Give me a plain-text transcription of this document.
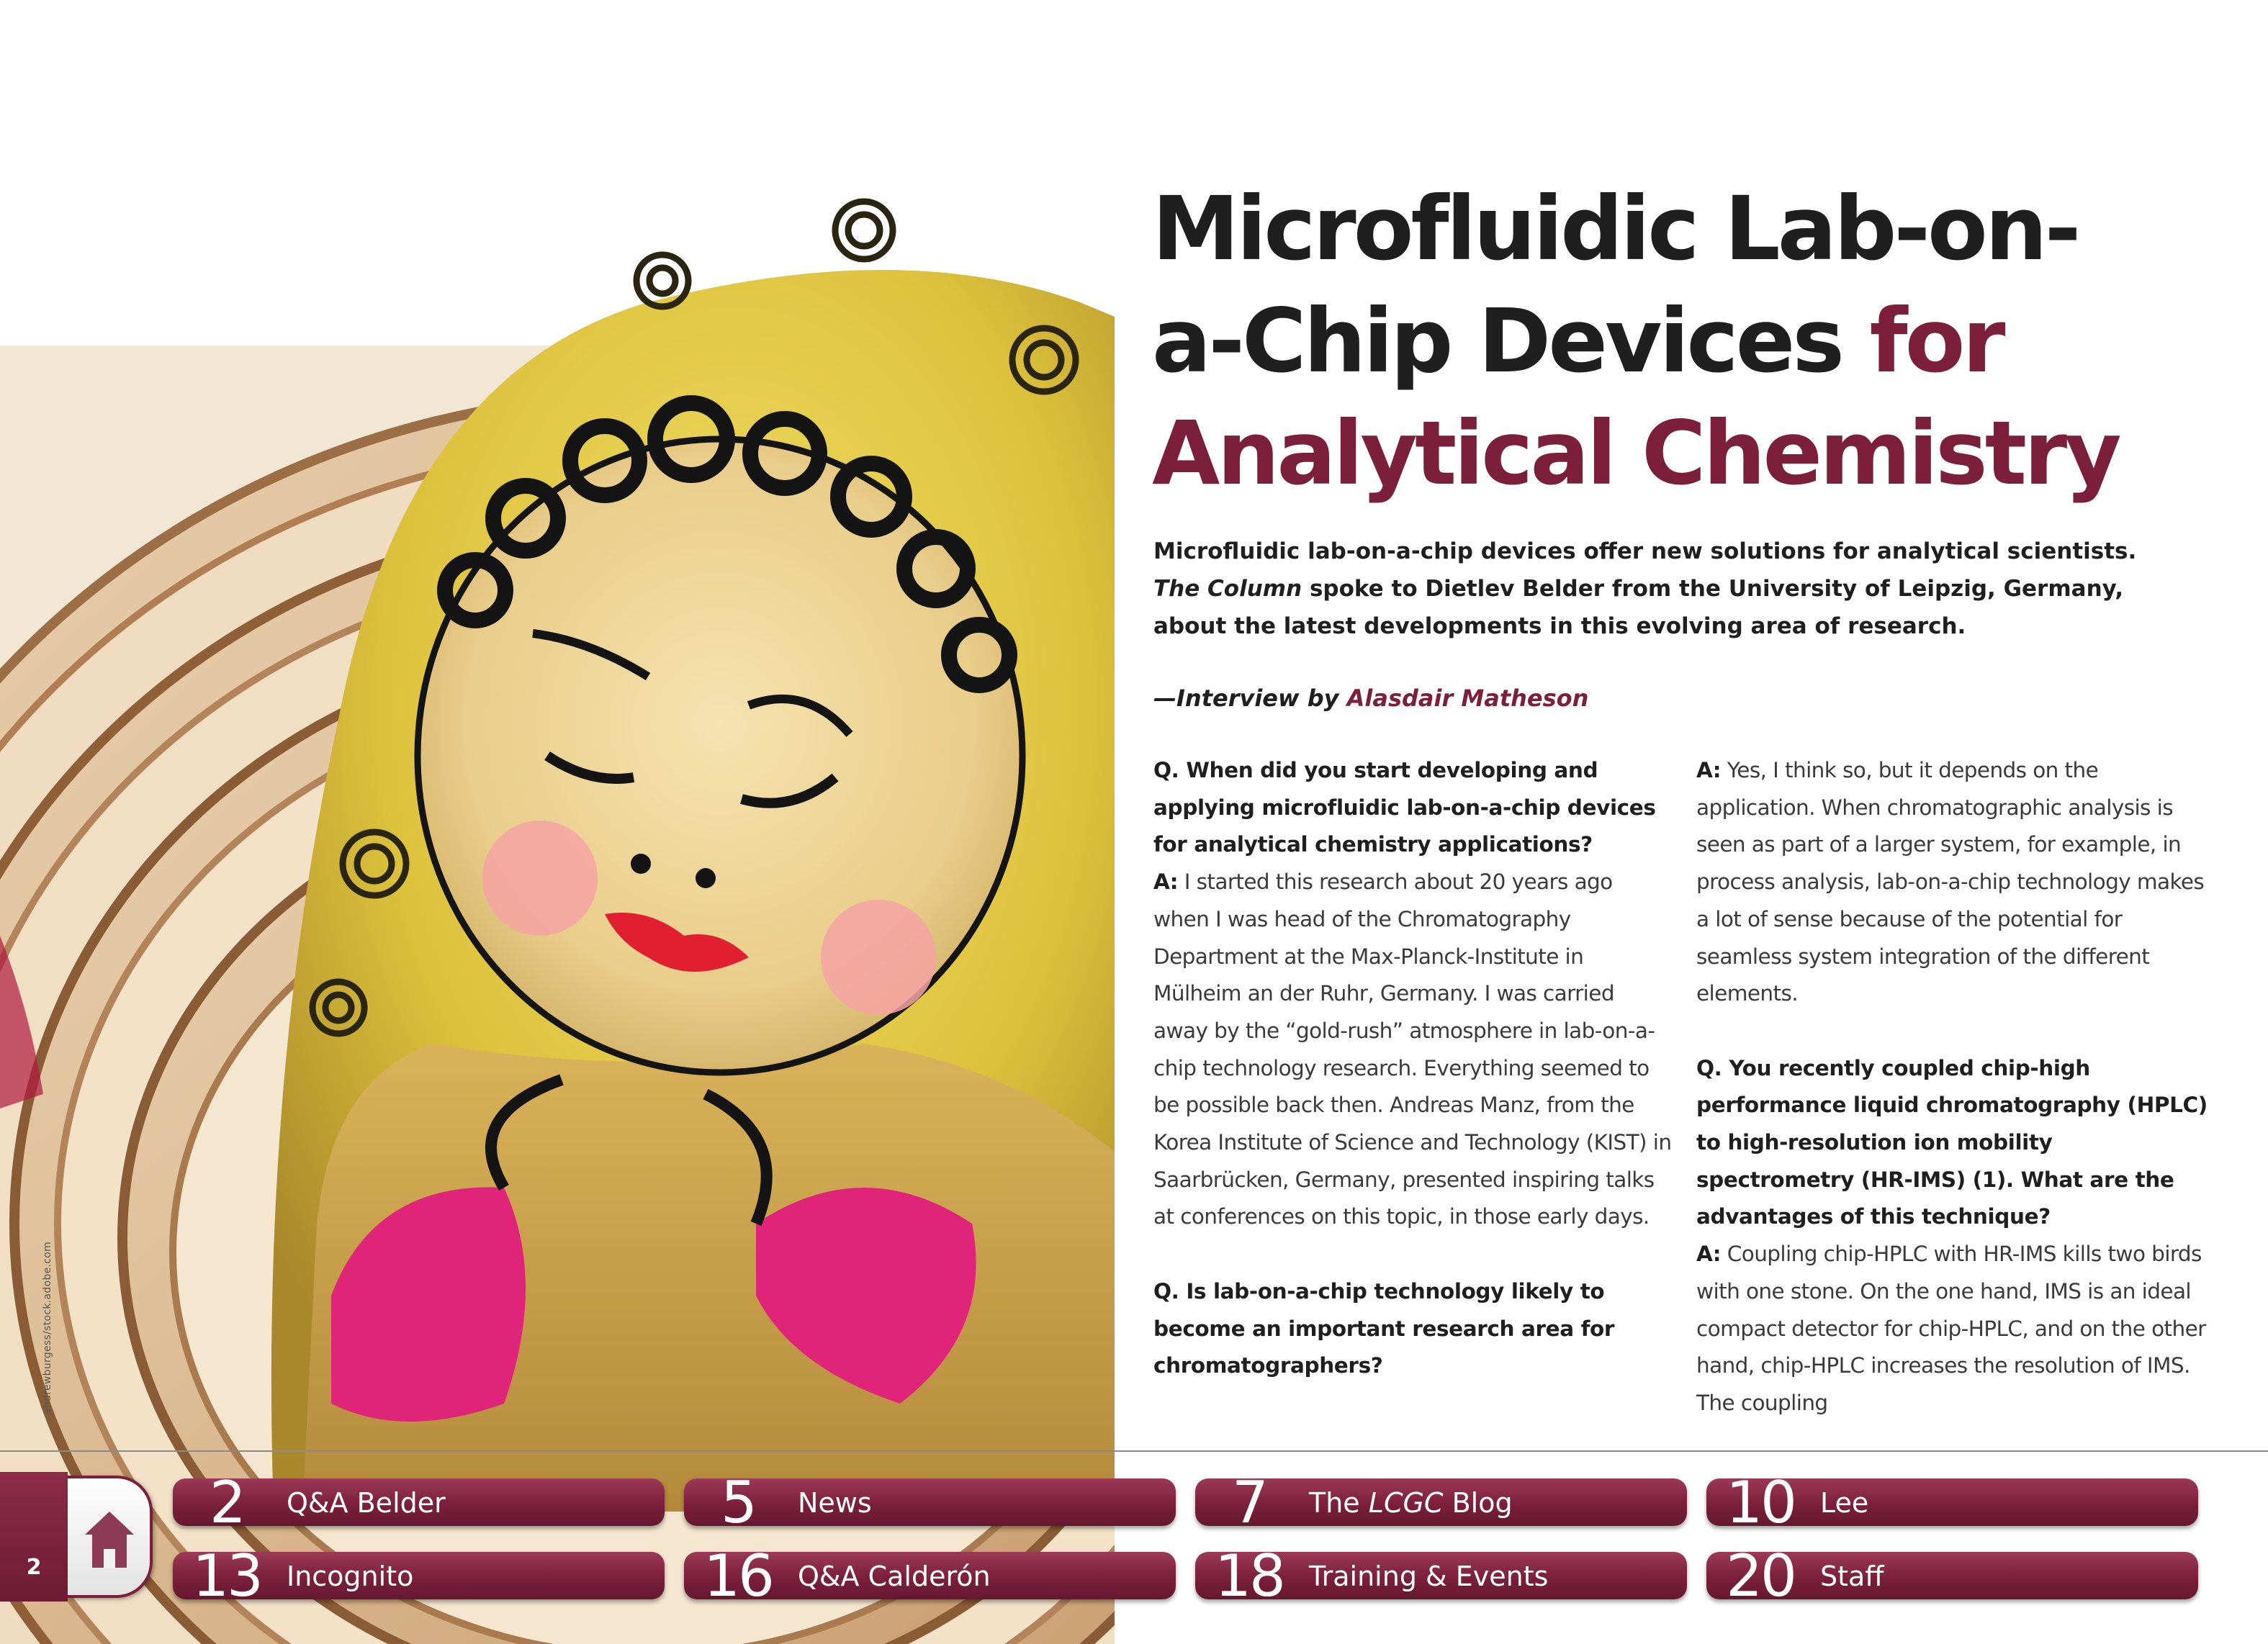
andrewburgess/stock.adobe.com
Microfluidic Lab-on-
a-Chip Devices for
Analytical Chemistry

Microfluidic lab-on-a-chip devices offer new solutions for analytical scientists. The Column spoke to Dietlev Belder from the University of Leipzig, Germany, about the latest developments in this evolving area of research.

—Interview by Alasdair Matheson

Q. When did you start developing and applying microfluidic lab-on-a-chip devices for analytical chemistry applications?

A: I started this research about 20 years ago when I was head of the Chromatography Department at the Max-Planck-Institute in Mülheim an der Ruhr, Germany. I was carried away by the “gold-rush” atmosphere in lab-on-a-chip technology research. Everything seemed to be possible back then. Andreas Manz, from the Korea Institute of Science and Technology (KIST) in Saarbrücken, Germany, presented inspiring talks at conferences on this topic, in those early days.

Q. Is lab-on-a-chip technology likely to become an important research area for chromatographers?

A: Yes, I think so, but it depends on the application. When chromatographic analysis is seen as part of a larger system, for example, in process analysis, lab-on-a-chip technology makes a lot of sense because of the potential for seamless system integration of the different elements.

Q. You recently coupled chip-high performance liquid chromatography (HPLC) to high-resolution ion mobility spectrometry (HR-IMS) (1). What are the advantages of this technique?

A: Coupling chip-HPLC with HR-IMS kills two birds with one stone. On the one hand, IMS is an ideal compact detector for chip-HPLC, and on the other hand, chip-HPLC increases the resolution of IMS. The coupling

2
2	Q&A Belder	5	News	7	The LCGC Blog	10 Lee
13 Incognito	16 Q&A Calderón	18 Training & Events	20 Staff
